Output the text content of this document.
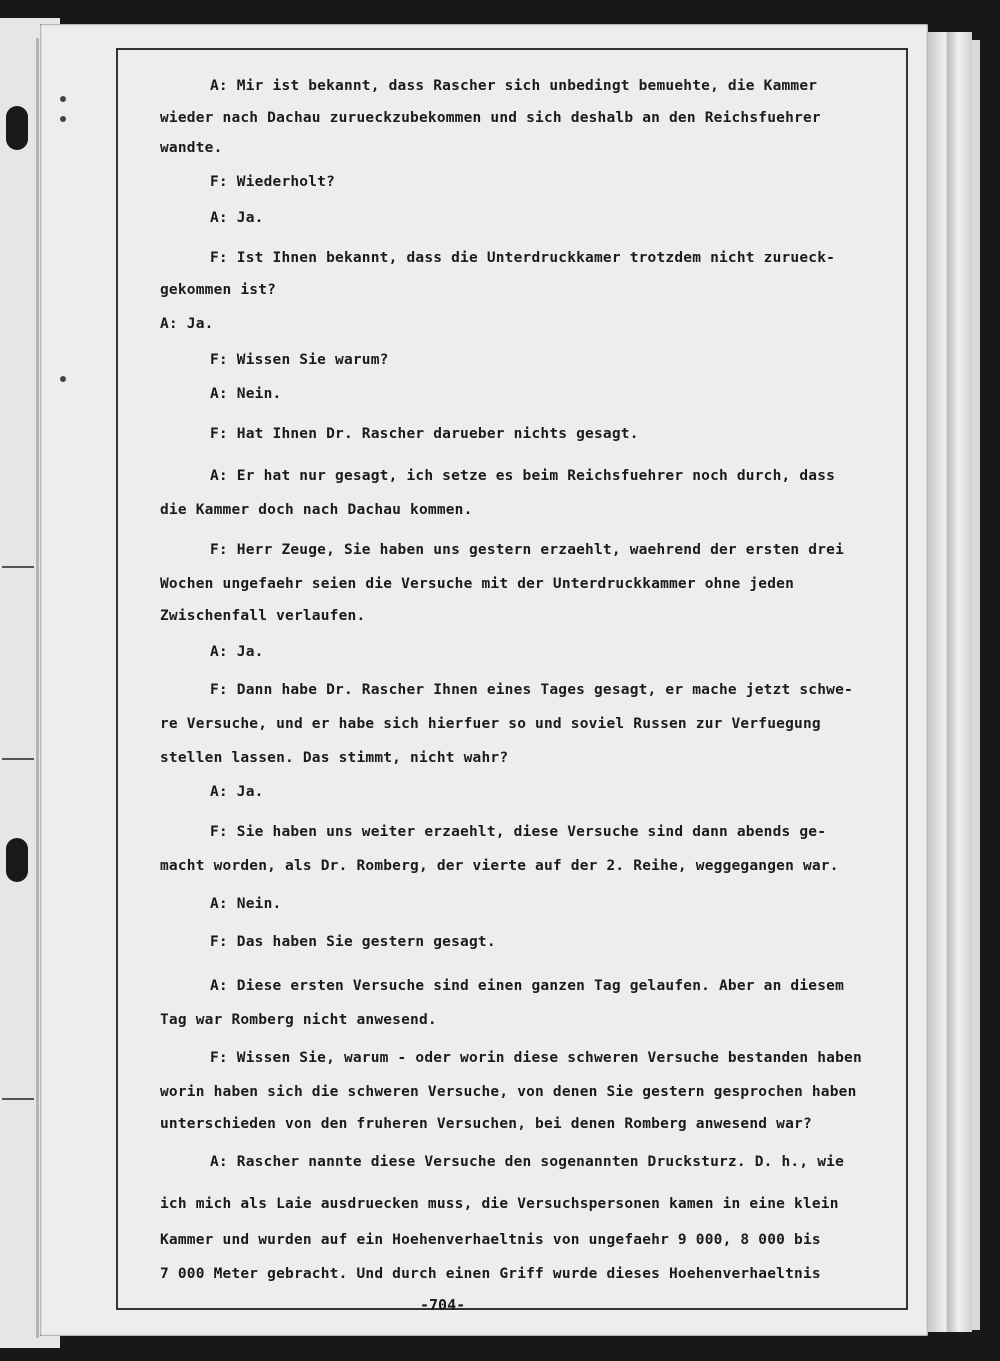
A: Mir ist bekannt, dass Rascher sich unbedingt bemuehte, die Kammer
wieder nach Dachau zurueckzubekommen und sich deshalb an den Reichsfuehrer
wandte.
F: Wiederholt?
A: Ja.
F: Ist Ihnen bekannt, dass die Unterdruckkamer trotzdem nicht zurueck-
gekommen ist?
A: Ja.
F: Wissen Sie warum?
A: Nein.
F: Hat Ihnen Dr. Rascher darueber nichts gesagt.
A: Er hat nur gesagt, ich setze es beim Reichsfuehrer noch durch, dass
die Kammer doch nach Dachau kommen.
F: Herr Zeuge, Sie haben uns gestern erzaehlt, waehrend der ersten drei
Wochen ungefaehr seien die Versuche mit der Unterdruckkammer ohne jeden
Zwischenfall verlaufen.
A: Ja.
F: Dann habe Dr. Rascher Ihnen eines Tages gesagt, er mache jetzt schwe-
re Versuche, und er habe sich hierfuer so und soviel Russen zur Verfuegung
stellen lassen. Das stimmt, nicht wahr?
A: Ja.
F: Sie haben uns weiter erzaehlt, diese Versuche sind dann abends ge-
macht worden, als Dr. Romberg, der vierte auf der 2. Reihe, weggegangen war.
A: Nein.
F: Das haben Sie gestern gesagt.
A: Diese ersten Versuche sind einen ganzen Tag gelaufen. Aber an diesem
Tag war Romberg nicht anwesend.
F: Wissen Sie, warum - oder worin diese schweren Versuche bestanden haben
worin haben sich die schweren Versuche, von denen Sie gestern gesprochen haben
unterschieden von den fruheren Versuchen, bei denen Romberg anwesend war?
A: Rascher nannte diese Versuche den sogenannten Drucksturz. D. h., wie
ich mich als Laie ausdruecken muss, die Versuchspersonen kamen in eine klein
Kammer und wurden auf ein Hoehenverhaeltnis von ungefaehr 9 000, 8 000 bis
7 000 Meter gebracht. Und durch einen Griff wurde dieses Hoehenverhaeltnis
-704-
